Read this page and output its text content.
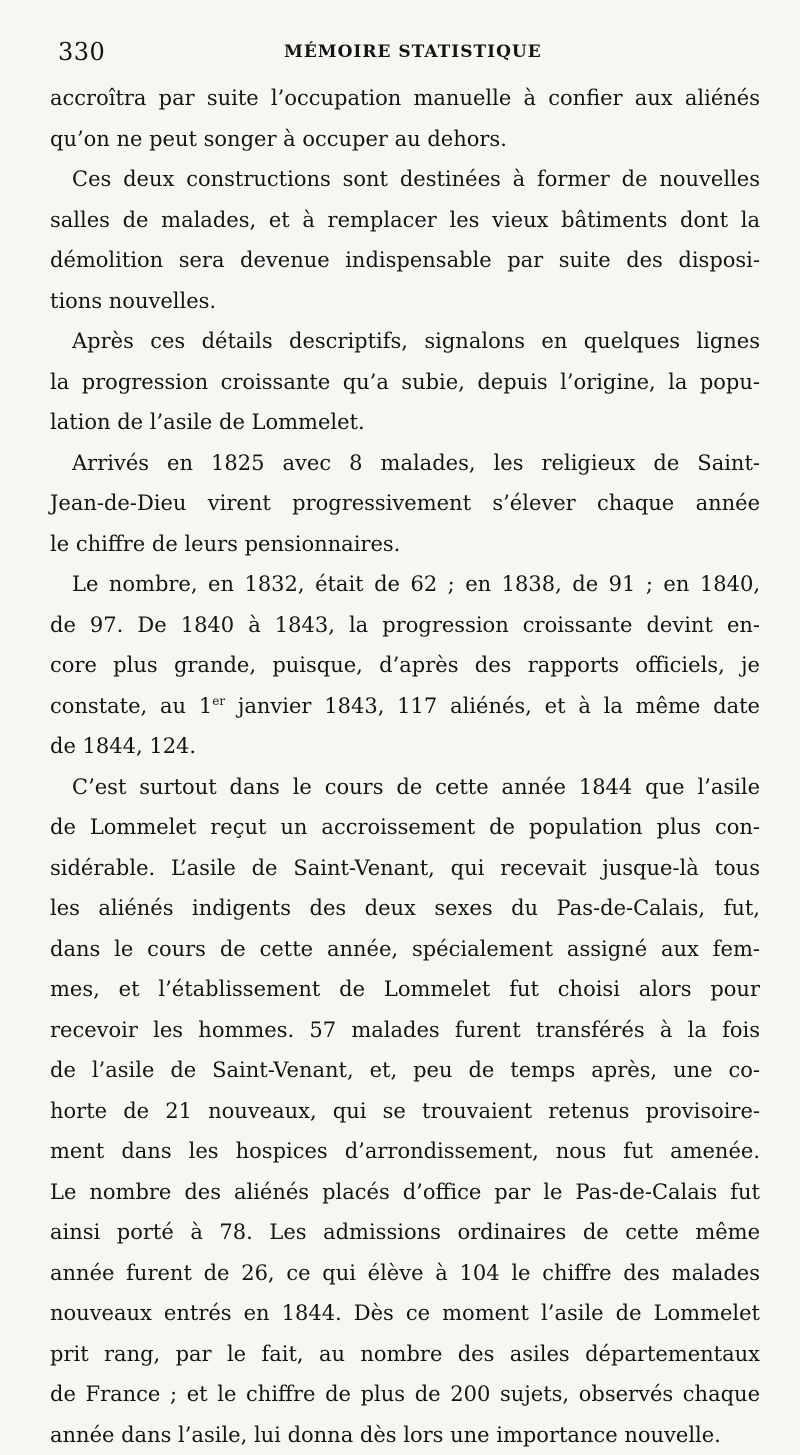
330	MÉMOIRE STATISTIQUE
accroîtra par suite l’occupation manuelle à confier aux aliénés
qu’on ne peut songer à occuper au dehors.
Ces deux constructions sont destinées à former de nouvelles
salles de malades, et à remplacer les vieux bâtiments dont la
démolition sera devenue indispensable par suite des disposi-
tions nouvelles.
Après ces détails descriptifs, signalons en quelques lignes
la progression croissante qu’a subie, depuis l’origine, la popu-
lation de l’asile de Lommelet.
Arrivés en 1825 avec 8 malades, les religieux de Saint-
Jean-de-Dieu virent progressivement s’élever chaque année
le chiffre de leurs pensionnaires.
Le nombre, en 1832, était de 62 ; en 1838, de 91 ; en 1840,
de 97. De 1840 à 1843, la progression croissante devint en-
core plus grande, puisque, d’après des rapports officiels, je
constate, au 1er janvier 1843, 117 aliénés, et à la même date
de 1844, 124.
C’est surtout dans le cours de cette année 1844 que l’asile
de Lommelet reçut un accroissement de population plus con-
sidérable. L’asile de Saint-Venant, qui recevait jusque-là tous
les aliénés indigents des deux sexes du Pas-de-Calais, fut,
dans le cours de cette année, spécialement assigné aux fem-
mes, et l’établissement de Lommelet fut choisi alors pour
recevoir les hommes. 57 malades furent transférés à la fois
de l’asile de Saint-Venant, et, peu de temps après, une co-
horte de 21 nouveaux, qui se trouvaient retenus provisoire-
ment dans les hospices d’arrondissement, nous fut amenée.
Le nombre des aliénés placés d’office par le Pas-de-Calais fut
ainsi porté à 78. Les admissions ordinaires de cette même
année furent de 26, ce qui élève à 104 le chiffre des malades
nouveaux entrés en 1844. Dès ce moment l’asile de Lommelet
prit rang, par le fait, au nombre des asiles départementaux
de France ; et le chiffre de plus de 200 sujets, observés chaque
année dans l’asile, lui donna dès lors une importance nouvelle.
